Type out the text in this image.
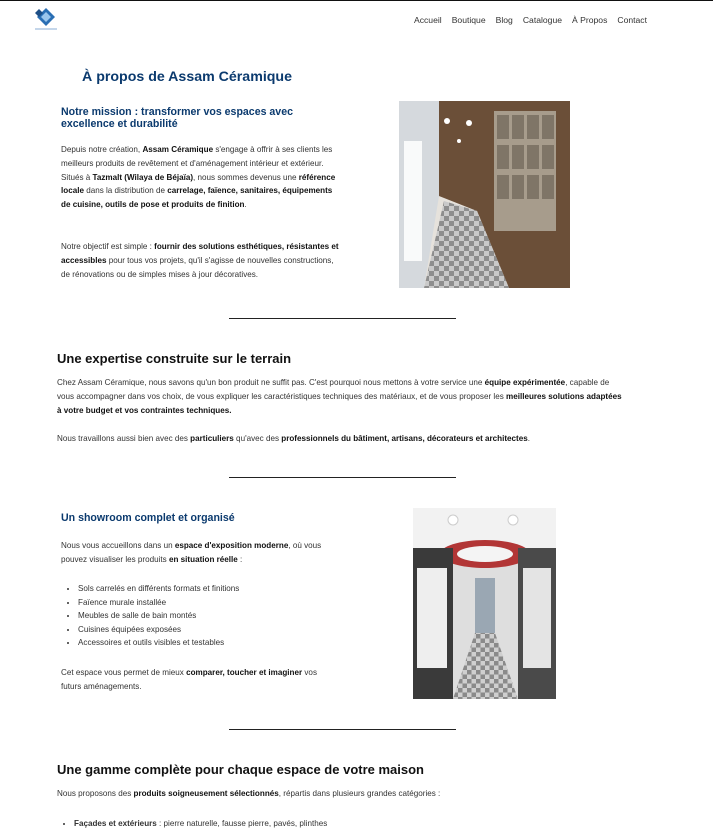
Accueil Boutique Blog Catalogue À Propos Contact
À propos de Assam Céramique
Notre mission : transformer vos espaces avec excellence et durabilité
Depuis notre création, Assam Céramique s'engage à offrir à ses clients les meilleurs produits de revêtement et d'aménagement intérieur et extérieur. Situés à Tazmalt (Wilaya de Béjaïa), nous sommes devenus une référence locale dans la distribution de carrelage, faïence, sanitaires, équipements de cuisine, outils de pose et produits de finition.
Notre objectif est simple : fournir des solutions esthétiques, résistantes et accessibles pour tous vos projets, qu'il s'agisse de nouvelles constructions, de rénovations ou de simples mises à jour décoratives.
Une expertise construite sur le terrain
Chez Assam Céramique, nous savons qu'un bon produit ne suffit pas. C'est pourquoi nous mettons à votre service une équipe expérimentée, capable de vous accompagner dans vos choix, de vous expliquer les caractéristiques techniques des matériaux, et de vous proposer les meilleures solutions adaptées à votre budget et vos contraintes techniques.
Nous travaillons aussi bien avec des particuliers qu'avec des professionnels du bâtiment, artisans, décorateurs et architectes.
Un showroom complet et organisé
Nous vous accueillons dans un espace d'exposition moderne, où vous pouvez visualiser les produits en situation réelle :
• Sols carrelés en différents formats et finitions
• Faïence murale installée
• Meubles de salle de bain montés
• Cuisines équipées exposées
• Accessoires et outils visibles et testables
Cet espace vous permet de mieux comparer, toucher et imaginer vos futurs aménagements.
Une gamme complète pour chaque espace de votre maison
Nous proposons des produits soigneusement sélectionnés, répartis dans plusieurs grandes catégories :
• Façades et extérieurs : pierre naturelle, fausse pierre, pavés, plinthes
